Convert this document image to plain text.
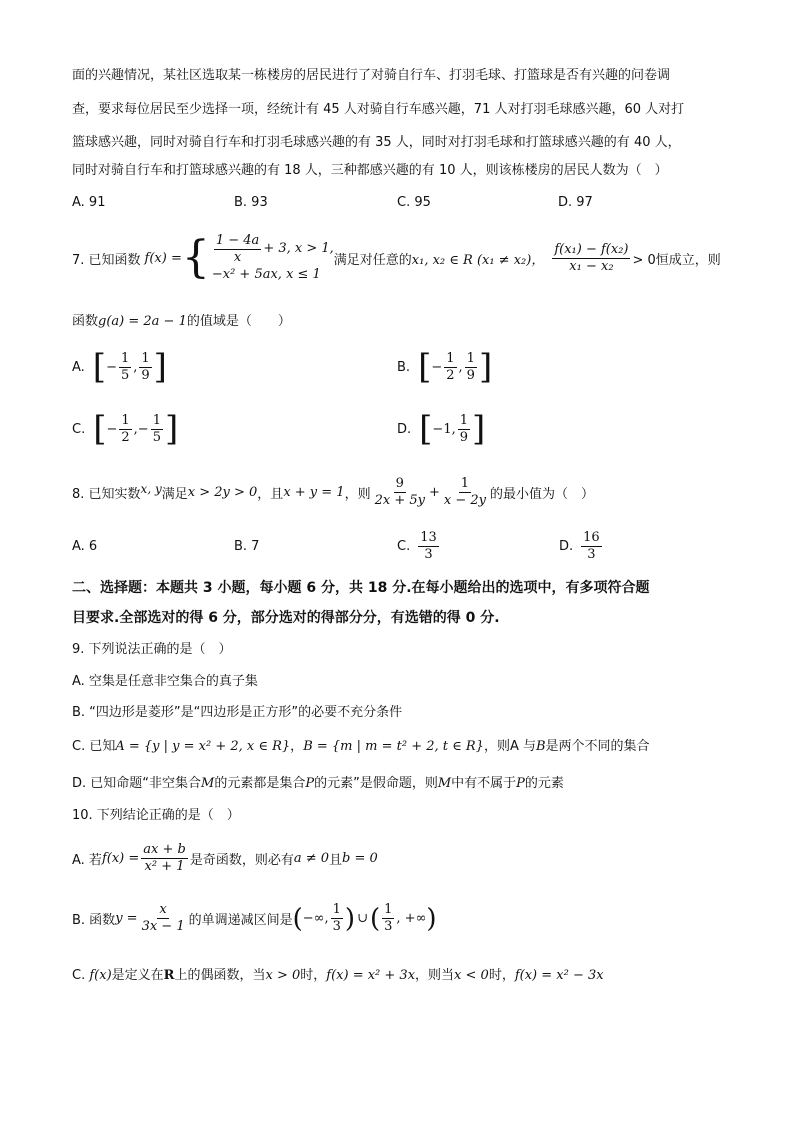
面的兴趣情况，某社区选取某一栋楼房的居民进行了对骑自行车、打羽毛球、打篮球是否有兴趣的问卷调
查，要求每位居民至少选择一项，经统计有 45 人对骑自行车感兴趣，71 人对打羽毛球感兴趣，60 人对打
篮球感兴趣，同时对骑自行车和打羽毛球感兴趣的有 35 人，同时对打羽毛球和打篮球感兴趣的有 40 人，
同时对骑自行车和打篮球感兴趣的有 18 人，三种都感兴趣的有 10 人，则该栋楼房的居民人数为（　）
A. 91	B. 93	C. 95	D. 97
7. 已知函数 f(x) = { $\frac{1 - 4a}{x} + 3$, x > 1,
−x² + 5ax, x ≤ 1
满足对任意的 x₁, x₂ ∈ R (x₁ ≠ x₂)， $\frac{\text{f(x₁) − f(x₂)}}{\text{x₁ − x₂}} > 0$恒成立，则
函数g(a) = 2a − 1的值域是（　　）
A. [ − $\frac{1}{5}$ , $\frac{1}{9}$ ]	B. [ − $\frac{1}{2}$ , $\frac{1}{9}$ ]
C. [ − $\frac{1}{2}$ ,− $\frac{1}{5}$ ]	D. [ −1, $\frac{1}{9}$ ]
8. 已知实数 x, y 满足 x > 2y > 0 ，且 x + y = 1 ，则 $\frac{9}{2x + 5y} + \frac{1}{x - 2y}$ 的最小值为（　）
A. 6	B. 7	C. $\frac{13}{3}$	D. $\frac{16}{3}$
二、选择题：本题共 3 小题，每小题 6 分，共 18 分.在每小题给出的选项中，有多项符合题
目要求.全部选对的得 6 分，部分选对的得部分分，有选错的得 0 分.
9. 下列说法正确的是（　）
A. 空集是任意非空集合的真子集
B. “四边形是菱形”是“四边形是正方形”的必要不充分条件
C. 已知A = {y | y = x² + 2, x ∈ R}，B = {m | m = t² + 2, t ∈ R}，则A 与B是两个不同的集合
D. 已知命题“非空集合M的元素都是集合P的元素”是假命题，则M中有不属于P的元素
10. 下列结论正确的是（　）
A. 若 $f(x) = \frac{ax + b}{\text{x² + 1}}$ 是奇函数，则必有 a ≠ 0 且 b = 0
B. 函数 $y = \frac{x}{3x - 1}$ 的单调递减区间是 ( −∞, $\frac{1}{3}$ ) ∪ ( $\frac{1}{3}$ , +∞ )
C. f(x)是定义在R上的偶函数，当x > 0时，f(x) = x² + 3x，则当x < 0时，f(x) = x² − 3x
